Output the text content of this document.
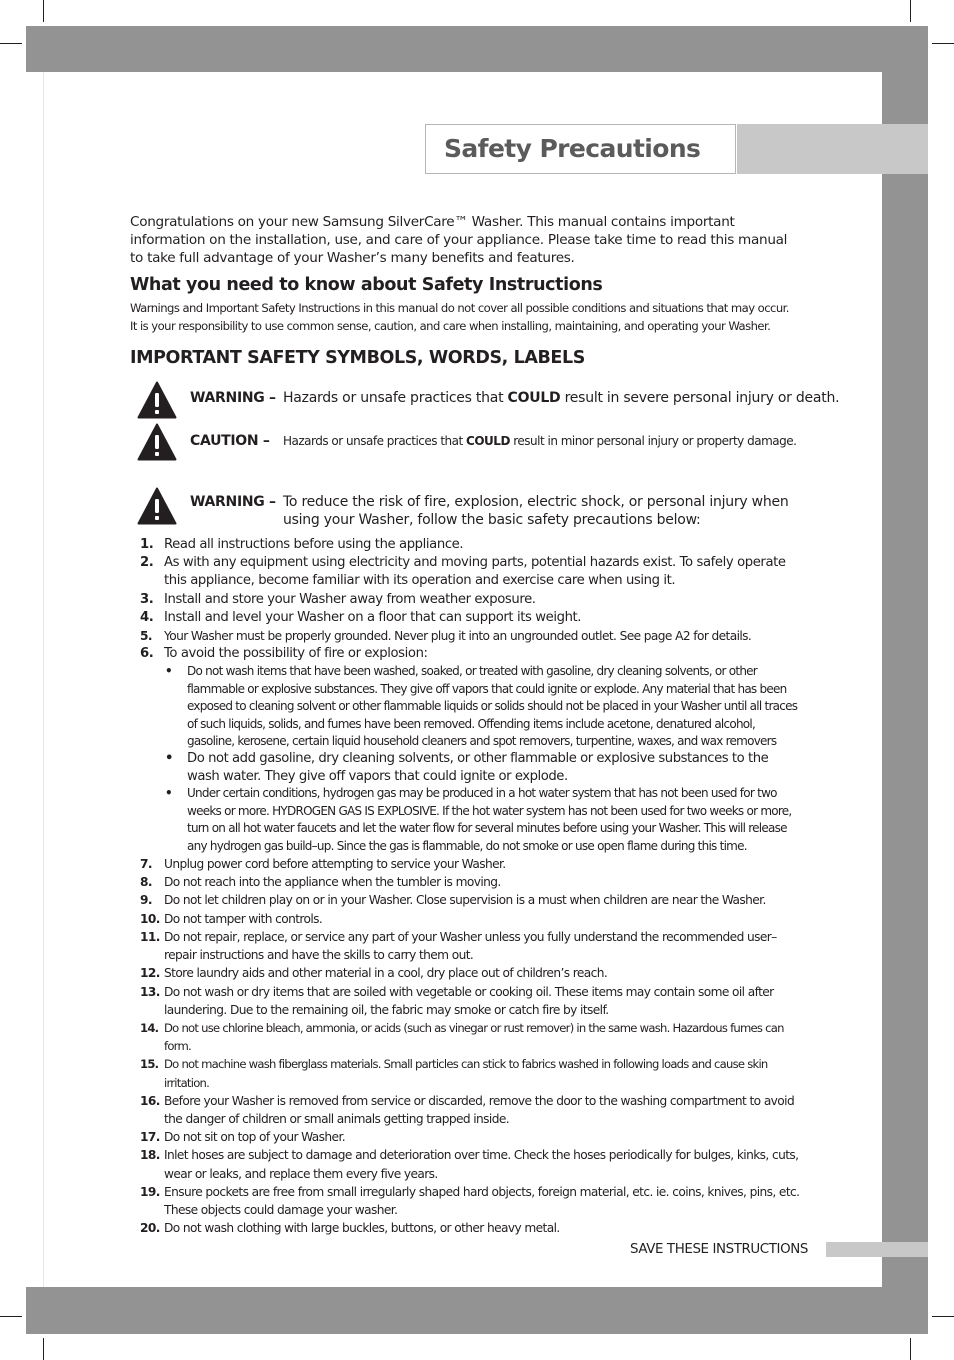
Safety Precautions
Congratulations on your new Samsung SilverCare™ Washer. This manual contains important information on the installation, use, and care of your appliance. Please take time to read this manual to take full advantage of your Washer’s many benefits and features.
What you need to know about Safety Instructions
Warnings and Important Safety Instructions in this manual do not cover all possible conditions and situations that may occur.
It is your responsibility to use common sense, caution, and care when installing, maintaining, and operating your Washer.
IMPORTANT SAFETY SYMBOLS, WORDS, LABELS
WARNING – Hazards or unsafe practices that COULD result in severe personal injury or death.
CAUTION – Hazards or unsafe practices that COULD result in minor personal injury or property damage.
WARNING – To reduce the risk of fire, explosion, electric shock, or personal injury when
using your Washer, follow the basic safety precautions below:
1. Read all instructions before using the appliance.
2. As with any equipment using electricity and moving parts, potential hazards exist. To safely operate this appliance, become familiar with its operation and exercise care when using it.
3. Install and store your Washer away from weather exposure.
4. Install and level your Washer on a floor that can support its weight.
5. Your Washer must be properly grounded. Never plug it into an ungrounded outlet. See page A2 for details.
6. To avoid the possibility of fire or explosion:
• Do not wash items that have been washed, soaked, or treated with gasoline, dry cleaning solvents, or other flammable or explosive substances. They give off vapors that could ignite or explode. Any material that has been exposed to cleaning solvent or other flammable liquids or solids should not be placed in your Washer until all traces of such liquids, solids, and fumes have been removed. Offending items include acetone, denatured alcohol, gasoline, kerosene, certain liquid household cleaners and spot removers, turpentine, waxes, and wax removers
• Do not add gasoline, dry cleaning solvents, or other flammable or explosive substances to the wash water. They give off vapors that could ignite or explode.
• Under certain conditions, hydrogen gas may be produced in a hot water system that has not been used for two weeks or more. HYDROGEN GAS IS EXPLOSIVE. If the hot water system has not been used for two weeks or more, turn on all hot water faucets and let the water flow for several minutes before using your Washer. This will release any hydrogen gas build–up. Since the gas is flammable, do not smoke or use open flame during this time.
7. Unplug power cord before attempting to service your Washer.
8. Do not reach into the appliance when the tumbler is moving.
9. Do not let children play on or in your Washer. Close supervision is a must when children are near the Washer.
10. Do not tamper with controls.
11. Do not repair, replace, or service any part of your Washer unless you fully understand the recommended user–repair instructions and have the skills to carry them out.
12. Store laundry aids and other material in a cool, dry place out of children’s reach.
13. Do not wash or dry items that are soiled with vegetable or cooking oil. These items may contain some oil after laundering. Due to the remaining oil, the fabric may smoke or catch fire by itself.
14. Do not use chlorine bleach, ammonia, or acids (such as vinegar or rust remover) in the same wash. Hazardous fumes can form.
15. Do not machine wash fiberglass materials. Small particles can stick to fabrics washed in following loads and cause skin irritation.
16. Before your Washer is removed from service or discarded, remove the door to the washing compartment to avoid the danger of children or small animals getting trapped inside.
17. Do not sit on top of your Washer.
18. Inlet hoses are subject to damage and deterioration over time. Check the hoses periodically for bulges, kinks, cuts, wear or leaks, and replace them every five years.
19. Ensure pockets are free from small irregularly shaped hard objects, foreign material, etc. ie. coins, knives, pins, etc. These objects could damage your washer.
20. Do not wash clothing with large buckles, buttons, or other heavy metal.
SAVE THESE INSTRUCTIONS
